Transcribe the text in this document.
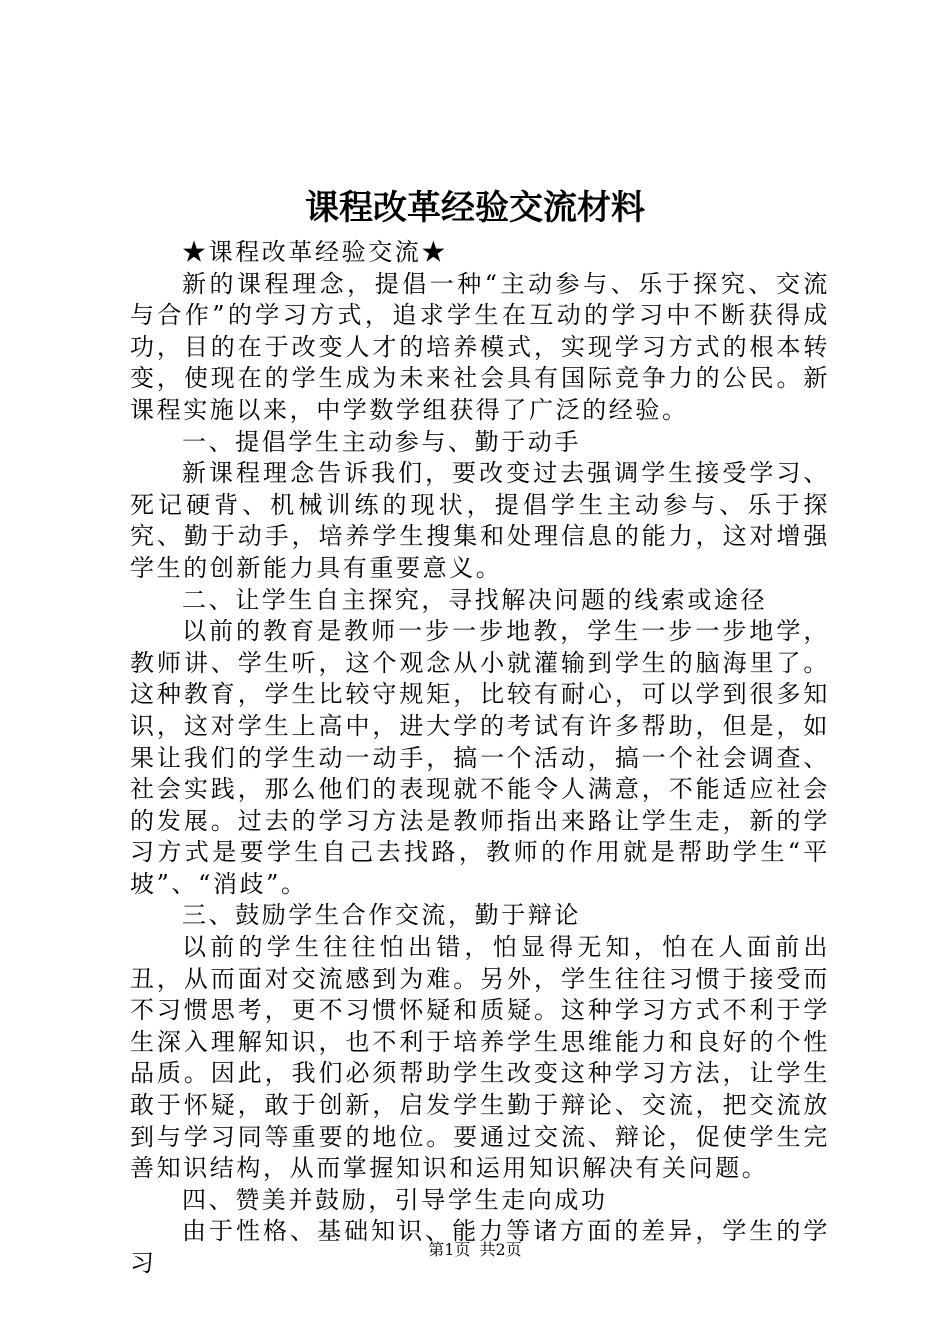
课程改革经验交流材料

★课程改革经验交流★

新的课程理念，提倡一种“主动参与、乐于探究、交流与合作”的学习方式，追求学生在互动的学习中不断获得成功，目的在于改变人才的培养模式，实现学习方式的根本转变，使现在的学生成为未来社会具有国际竞争力的公民。新课程实施以来，中学数学组获得了广泛的经验。

一、提倡学生主动参与、勤于动手

新课程理念告诉我们，要改变过去强调学生接受学习、死记硬背、机械训练的现状，提倡学生主动参与、乐于探究、勤于动手，培养学生搜集和处理信息的能力，这对增强学生的创新能力具有重要意义。

二、让学生自主探究，寻找解决问题的线索或途径

以前的教育是教师一步一步地教，学生一步一步地学，教师讲、学生听，这个观念从小就灌输到学生的脑海里了。这种教育，学生比较守规矩，比较有耐心，可以学到很多知识，这对学生上高中，进大学的考试有许多帮助，但是，如果让我们的学生动一动手，搞一个活动，搞一个社会调查、社会实践，那么他们的表现就不能令人满意，不能适应社会的发展。过去的学习方法是教师指出来路让学生走，新的学习方式是要学生自己去找路，教师的作用就是帮助学生“平坡”、“消歧”。

三、鼓励学生合作交流，勤于辩论

以前的学生往往怕出错，怕显得无知，怕在人面前出丑，从而面对交流感到为难。另外，学生往往习惯于接受而不习惯思考，更不习惯怀疑和质疑。这种学习方式不利于学生深入理解知识，也不利于培养学生思维能力和良好的个性品质。因此，我们必须帮助学生改变这种学习方法，让学生敢于怀疑，敢于创新，启发学生勤于辩论、交流，把交流放到与学习同等重要的地位。要通过交流、辩论，促使学生完善知识结构，从而掌握知识和运用知识解决有关问题。

四、赞美并鼓励，引导学生走向成功

由于性格、基础知识、能力等诸方面的差异，学生的学习	第1页 共2页
